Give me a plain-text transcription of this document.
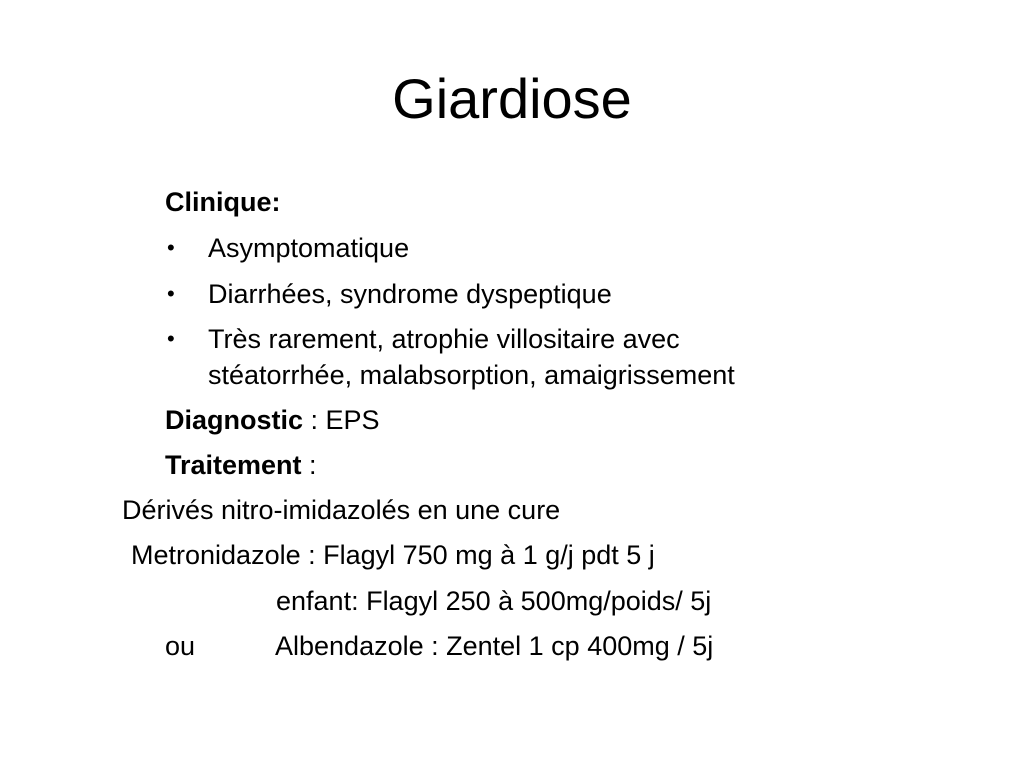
Giardiose
Clinique:
• Asymptomatique
• Diarrhées, syndrome dyspeptique
• Très rarement, atrophie villositaire avec
stéatorrhée, malabsorption, amaigrissement
Diagnostic : EPS
Traitement :
Dérivés nitro-imidazolés en une cure
Metronidazole : Flagyl 750 mg à 1 g/j pdt 5 j
enfant: Flagyl 250 à 500mg/poids/ 5j
ou	Albendazole : Zentel 1 cp 400mg / 5j
